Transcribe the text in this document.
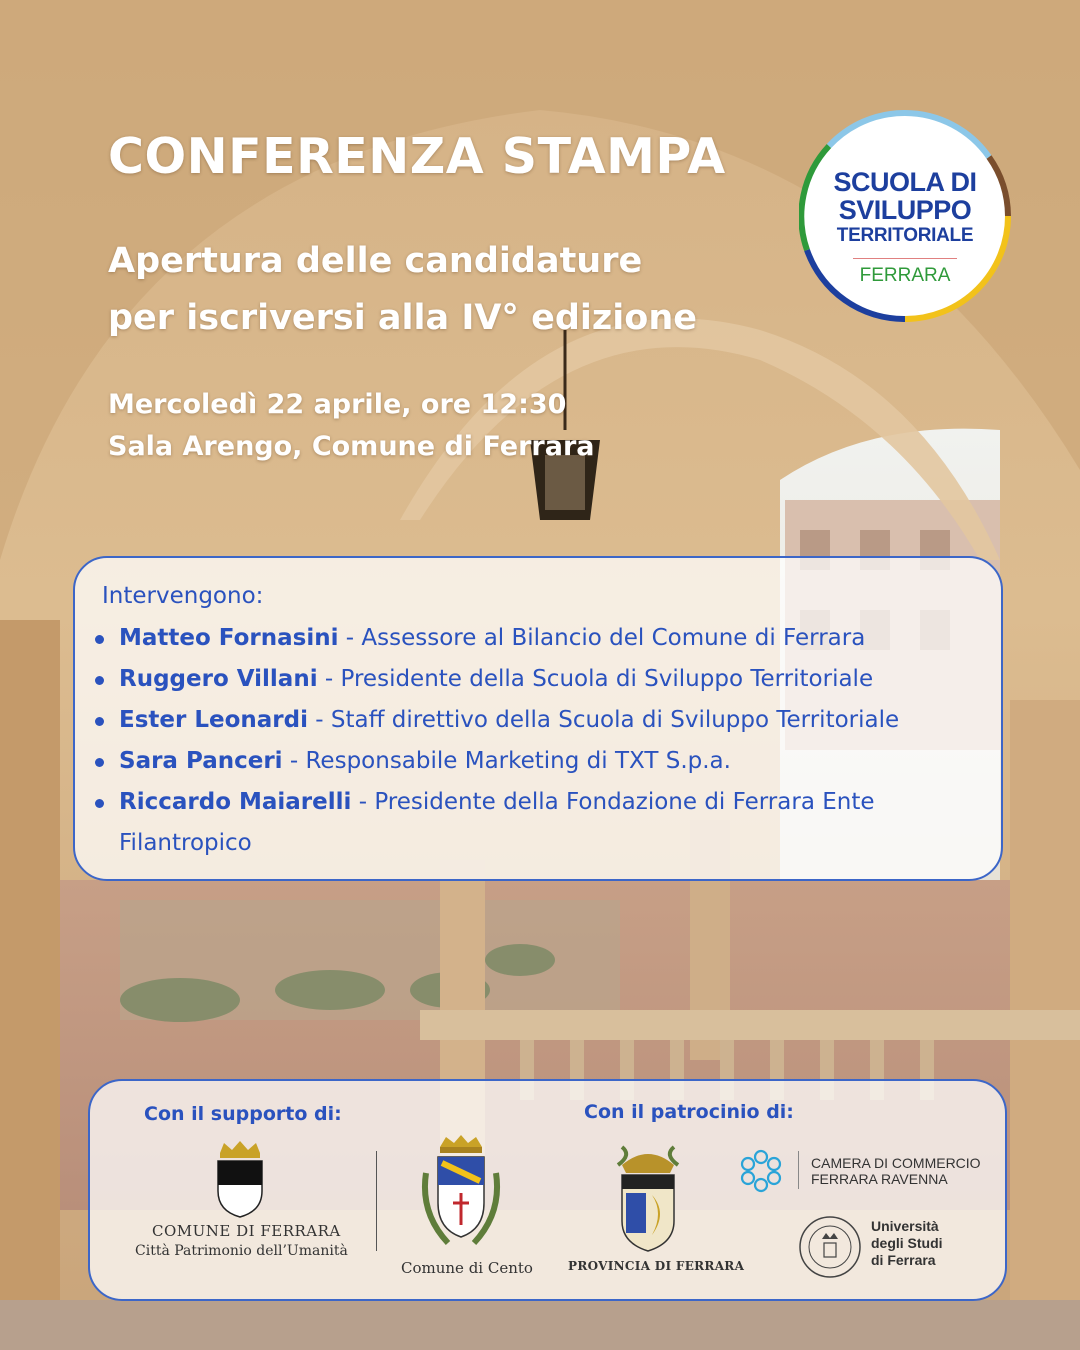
CONFERENZA STAMPA
Apertura delle candidature
per iscriversi alla IV° edizione
Mercoledì 22 aprile, ore 12:30
Sala Arengo, Comune di Ferrara
SCUOLA DI
SVILUPPO
TERRITORIALE
FERRARA
Intervengono:
Matteo Fornasini - Assessore al Bilancio del Comune di Ferrara
Ruggero Villani - Presidente della Scuola di Sviluppo Territoriale
Ester Leonardi - Staff direttivo della Scuola di Sviluppo Territoriale
Sara Panceri - Responsabile Marketing di TXT S.p.a.
Riccardo Maiarelli - Presidente della Fondazione di Ferrara Ente Filantropico
Con il supporto di:	Con il patrocinio di:
COMUNE DI FERRARA
Città Patrimonio dell’Umanità
Comune di Cento	PROVINCIA DI FERRARA
CAMERA DI COMMERCIO
FERRARA RAVENNA
Università
degli Studi
di Ferrara
